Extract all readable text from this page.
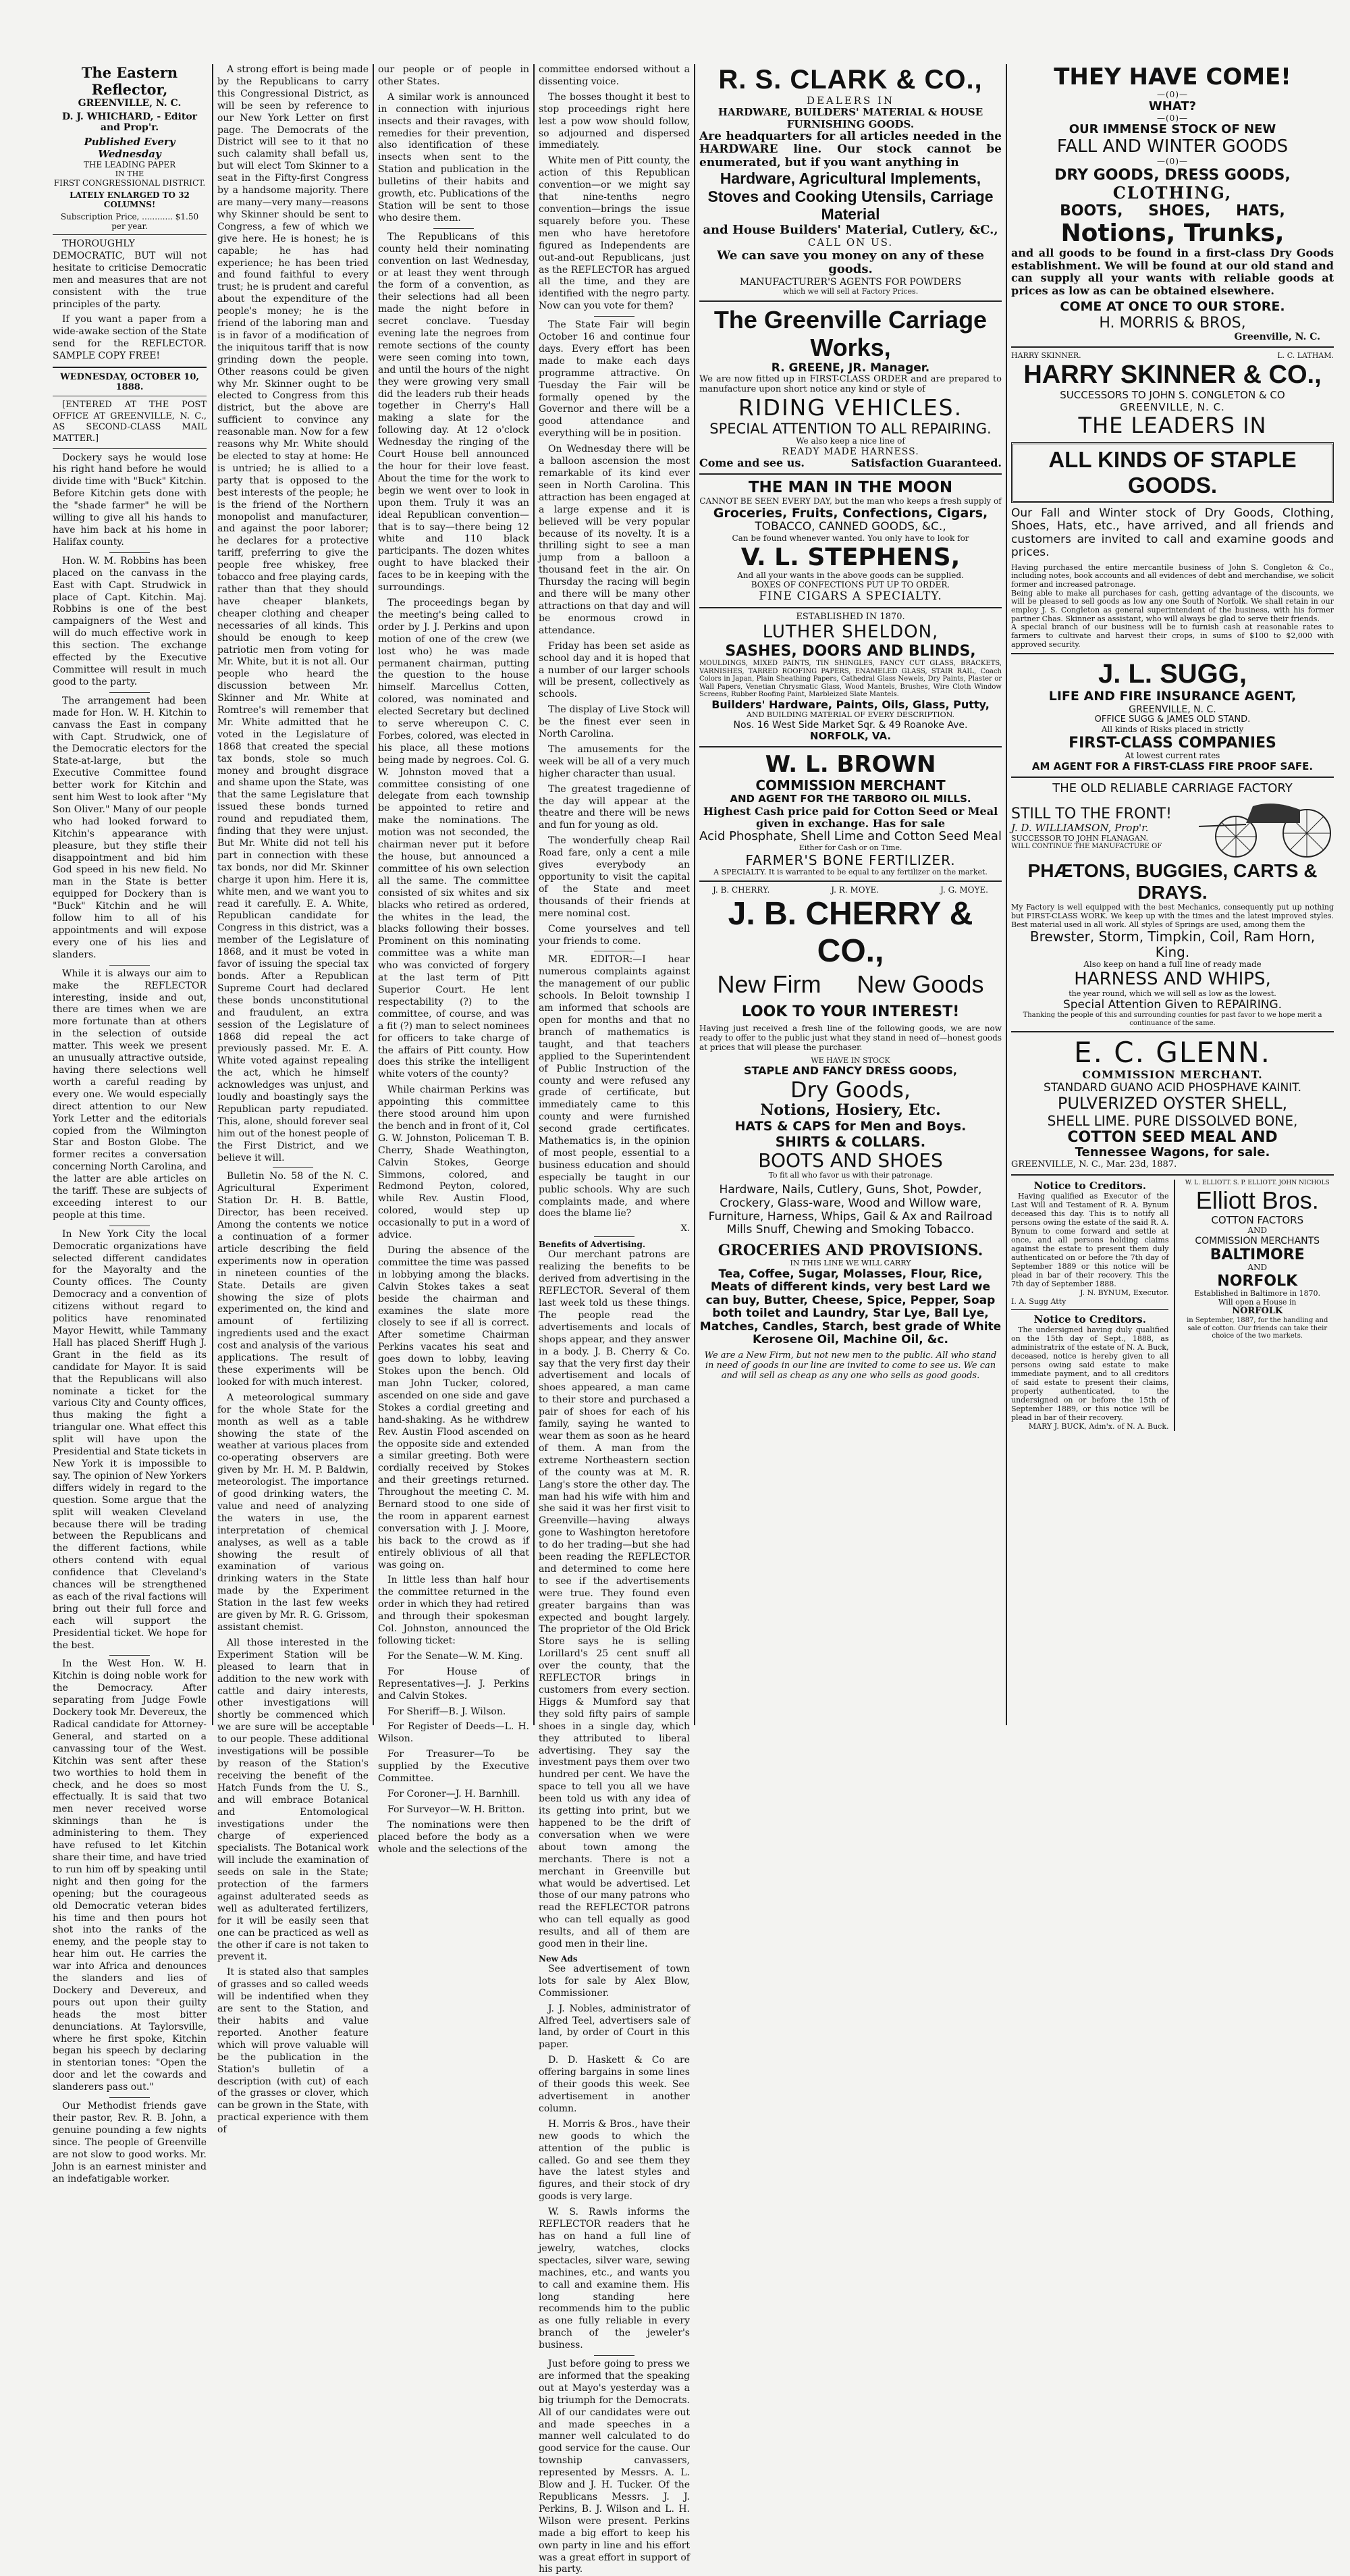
The Eastern Reflector,
GREENVILLE, N. C.
D. J. WHICHARD, - Editor and Prop'r.
Published Every Wednesday
THE LEADING PAPER
IN THE
FIRST CONGRESSIONAL DISTRICT.
LATELY ENLARGED TO 32 COLUMNS!
Subscription Price, ............ $1.50 per year.

THOROUGHLY DEMOCRATIC, BUT will not hesitate to criticise Democratic men and measures that are not consistent with the true principles of the party.

If you want a paper from a wide-awake section of the State send for the REFLECTOR. SAMPLE COPY FREE!

WEDNESDAY, OCTOBER 10, 1888.

[ENTERED AT THE POST OFFICE AT GREENVILLE, N. C., AS SECOND-CLASS MAIL MATTER.]

Dockery says he would lose his right hand before he would divide time with "Buck" Kitchin. Before Kitchin gets done with the "shade farmer" he will be willing to give all his hands to have him back at his home in Halifax county.

Hon. W. M. Robbins has been placed on the canvass in the East with Capt. Strudwick in place of Capt. Kitchin. Maj. Robbins is one of the best campaigners of the West and will do much effective work in this section. The exchange effected by the Executive Committee will result in much good to the party.

The arrangement had been made for Hon. W. H. Kitchin to canvass the East in company with Capt. Strudwick, one of the Democratic electors for the State-at-large, but the Executive Committee found better work for Kitchin and sent him West to look after "My Son Oliver." Many of our people who had looked forward to Kitchin's appearance with pleasure, but they stifle their disappointment and bid him God speed in his new field. No man in the State is better equipped for Dockery than is "Buck" Kitchin and he will follow him to all of his appointments and will expose every one of his lies and slanders.

While it is always our aim to make the REFLECTOR interesting, inside and out, there are times when we are more fortunate than at others in the selection of outside matter. This week we present an unusually attractive outside, having there selections well worth a careful reading by every one. We would especially direct attention to our New York Letter and the editorials copied from the Wilmington Star and Boston Globe. The former recites a conversation concerning North Carolina, and the latter are able articles on the tariff. These are subjects of exceeding interest to our people at this time.

In New York City the local Democratic organizations have selected different candidates for the Mayoralty and the County offices. The County Democracy and a convention of citizens without regard to politics have renominated Mayor Hewitt, while Tammany Hall has placed Sheriff Hugh J. Grant in the field as its candidate for Mayor. It is said that the Republicans will also nominate a ticket for the various City and County offices, thus making the fight a triangular one. What effect this split will have upon the Presidential and State tickets in New York it is impossible to say. The opinion of New Yorkers differs widely in regard to the question. Some argue that the split will weaken Cleveland because there will be trading between the Republicans and the different factions, while others contend with equal confidence that Cleveland's chances will be strengthened as each of the rival factions will bring out their full force and each will support the Presidential ticket. We hope for the best.

In the West Hon. W. H. Kitchin is doing noble work for the Democracy. After separating from Judge Fowle Dockery took Mr. Devereux, the Radical candidate for Attorney-General, and started on a canvassing tour of the West. Kitchin was sent after these two worthies to hold them in check, and he does so most effectually. It is said that two men never received worse skinnings than he is administering to them. They have refused to let Kitchin share their time, and have tried to run him off by speaking until night and then going for the opening; but the courageous old Democratic veteran bides his time and then pours hot shot into the ranks of the enemy, and the people stay to hear him out. He carries the war into Africa and denounces the slanders and lies of Dockery and Devereux, and pours out upon their guilty heads the most bitter denunciations. At Taylorsville, where he first spoke, Kitchin began his speech by declaring in stentorian tones: "Open the door and let the cowards and slanderers pass out."

Our Methodist friends gave their pastor, Rev. R. B. John, a genuine pounding a few nights since. The people of Greenville are not slow to good works. Mr. John is an earnest minister and an indefatigable worker.

A strong effort is being made by the Republicans to carry this Congressional District, as will be seen by reference to our New York Letter on first page. The Democrats of the District will see to it that no such calamity shall befall us, but will elect Tom Skinner to a seat in the Fifty-first Congress by a handsome majority. There are many—very many—reasons why Skinner should be sent to Congress, a few of which we give here. He is honest; he is capable; he has had experience; he has been tried and found faithful to every trust; he is prudent and careful about the expenditure of the people's money; he is the friend of the laboring man and is in favor of a modification of the iniquitous tariff that is now grinding down the people. Other reasons could be given why Mr. Skinner ought to be elected to Congress from this district, but the above are sufficient to convince any reasonable man. Now for a few reasons why Mr. White should be elected to stay at home: He is untried; he is allied to a party that is opposed to the best interests of the people; he is the friend of the Northern monopolist and manufacturer, and against the poor laborer; he declares for a protective tariff, preferring to give the people free whiskey, free tobacco and free playing cards, rather than that they should have cheaper blankets, cheaper clothing and cheaper necessaries of all kinds. This should be enough to keep patriotic men from voting for Mr. White, but it is not all. Our people who heard the discussion between Mr. Skinner and Mr. White at Romtree's will remember that Mr. White admitted that he voted in the Legislature of 1868 that created the special tax bonds, stole so much money and brought disgrace and shame upon the State, was that the same Legislature that issued these bonds turned round and repudiated them, finding that they were unjust. But Mr. White did not tell his part in connection with these tax bonds, nor did Mr. Skinner charge it upon him. Here it is, white men, and we want you to read it carefully. E. A. White, Republican candidate for Congress in this district, was a member of the Legislature of 1868, and it must be voted in favor of issuing the special tax bonds. After a Republican Supreme Court had declared these bonds unconstitutional and fraudulent, an extra session of the Legislature of 1868 did repeal the act previously passed. Mr. E. A. White voted against repealing the act, which he himself acknowledges was unjust, and loudly and boastingly says the Republican party repudiated. This, alone, should forever seal him out of the honest people of the First District, and we believe it will.

Bulletin No. 58 of the N. C. Agricultural Experiment Station Dr. H. B. Battle, Director, has been received. Among the contents we notice a continuation of a former article describing the field experiments now in operation in nineteen counties of the State. Details are given showing the size of plots experimented on, the kind and amount of fertilizing ingredients used and the exact cost and analysis of the various applications. The result of these experiments will be looked for with much interest.

A meteorological summary for the whole State for the month as well as a table showing the state of the weather at various places from co-operating observers are given by Mr. H. M. P. Baldwin, meteorologist. The importance of good drinking waters, the value and need of analyzing the waters in use, the interpretation of chemical analyses, as well as a table showing the result of examination of various drinking waters in the State made by the Experiment Station in the last few weeks are given by Mr. R. G. Grissom, assistant chemist.

All those interested in the Experiment Station will be pleased to learn that in addition to the new work with cattle and dairy interests, other investigations will shortly be commenced which we are sure will be acceptable to our people. These additional investigations will be possible by reason of the Station's receiving the benefit of the Hatch Funds from the U. S., and will embrace Botanical and Entomological investigations under the charge of experienced specialists. The Botanical work will include the examination of seeds on sale in the State; protection of the farmers against adulterated seeds as well as adulterated fertilizers, for it will be easily seen that one can be practiced as well as the other if care is not taken to prevent it.

It is stated also that samples of grasses and so called weeds will be indentified when they are sent to the Station, and their habits and value reported. Another feature which will prove valuable will be the publication in the Station's bulletin of a description (with cut) of each of the grasses or clover, which can be grown in the State, with practical experience with them of

our people or of people in other States.

A similar work is announced in connection with injurious insects and their ravages, with remedies for their prevention, also identification of these insects when sent to the Station and publication in the bulletins of their habits and growth, etc. Publications of the Station will be sent to those who desire them.

The Republicans of this county held their nominating convention on last Wednesday, or at least they went through the form of a convention, as their selections had all been made the night before in secret conclave. Tuesday evening late the negroes from remote sections of the county were seen coming into town, and until the hours of the night they were growing very small did the leaders rub their heads together in Cherry's Hall making a slate for the following day. At 12 o'clock Wednesday the ringing of the Court House bell announced the hour for their love feast. About the time for the work to begin we went over to look in upon them. Truly it was an ideal Republican convention—that is to say—there being 12 white and 110 black participants. The dozen whites ought to have blacked their faces to be in keeping with the surroundings.

The proceedings began by the meeting's being called to order by J. J. Perkins and upon motion of one of the crew (we lost who) he was made permanent chairman, putting the question to the house himself. Marcellus Cotten, colored, was nominated and elected Secretary but declined to serve whereupon C. C. Forbes, colored, was elected in his place, all these motions being made by negroes. Col. G. W. Johnston moved that a committee consisting of one delegate from each township be appointed to retire and make the nominations. The motion was not seconded, the chairman never put it before the house, but announced a committee of his own selection all the same. The committee consisted of six whites and six blacks who retired as ordered, the whites in the lead, the blacks following their bosses. Prominent on this nominating committee was a white man who was convicted of forgery at the last term of Pitt Superior Court. He lent respectability (?) to the committee, of course, and was a fit (?) man to select nominees for officers to take charge of the affairs of Pitt county. How does this strike the intelligent white voters of the county?

While chairman Perkins was appointing this committee there stood around him upon the bench and in front of it, Col G. W. Johnston, Policeman T. B. Cherry, Shade Weathington, Calvin Stokes, George Simmons, colored, and Redmond Peyton, colored, while Rev. Austin Flood, colored, would step up occasionally to put in a word of advice.

During the absence of the committee the time was passed in lobbying among the blacks. Calvin Stokes takes a seat beside the chairman and examines the slate more closely to see if all is correct. After sometime Chairman Perkins vacates his seat and goes down to lobby, leaving Stokes upon the bench. Old man John Tucker, colored, ascended on one side and gave Stokes a cordial greeting and hand-shaking. As he withdrew Rev. Austin Flood ascended on the opposite side and extended a similar greeting. Both were cordially received by Stokes and their greetings returned. Throughout the meeting C. M. Bernard stood to one side of the room in apparent earnest conversation with J. J. Moore, his back to the crowd as if entirely oblivious of all that was going on.

In little less than half hour the committee returned in the order in which they had retired and through their spokesman Col. Johnston, announced the following ticket:

For the Senate—W. M. King.

For House of Representatives—J. J. Perkins and Calvin Stokes.

For Sheriff—B. J. Wilson.

For Register of Deeds—L. H. Wilson.

For Treasurer—To be supplied by the Executive Committee.

For Coroner—J. H. Barnhill.

For Surveyor—W. H. Britton.

The nominations were then placed before the body as a whole and the selections of the

committee endorsed without a dissenting voice.

The bosses thought it best to stop proceedings right here lest a pow wow should follow, so adjourned and dispersed immediately.

White men of Pitt county, the action of this Republican convention—or we might say that nine-tenths negro convention—brings the issue squarely before you. These men who have heretofore figured as Independents are out-and-out Republicans, just as the REFLECTOR has argued all the time, and they are identified with the negro party. Now can you vote for them?

The State Fair will begin October 16 and continue four days. Every effort has been made to make each days programme attractive. On Tuesday the Fair will be formally opened by the Governor and there will be a good attendance and everything will be in position.

On Wednesday there will be a balloon ascension the most remarkable of its kind ever seen in North Carolina. This attraction has been engaged at a large expense and it is believed will be very popular because of its novelty. It is a thrilling sight to see a man jump from a balloon a thousand feet in the air. On Thursday the racing will begin and there will be many other attractions on that day and will be enormous crowd in attendance.

Friday has been set aside as school day and it is hoped that a number of our larger schools will be present, collectively as schools.

The display of Live Stock will be the finest ever seen in North Carolina.

The amusements for the week will be all of a very much higher character than usual.

The greatest tragedienne of the day will appear at the theatre and there will be news and fun for young as old.

The wonderfully cheap Rail Road fare, only a cent a mile gives everybody an opportunity to visit the capital of the State and meet thousands of their friends at mere nominal cost.

Come yourselves and tell your friends to come.

MR. EDITOR:—I hear numerous complaints against the management of our public schools. In Beloit township I am informed that schools are open for months and that no branch of mathematics is taught, and that teachers applied to the Superintendent of Public Instruction of the county and were refused any grade of certificate, but immediately came to this county and were furnished second grade certificates. Mathematics is, in the opinion of most people, essential to a business education and should especially be taught in our public schools. Why are such complaints made, and where does the blame lie?

X.
Benefits of Advertising.

Our merchant patrons are realizing the benefits to be derived from advertising in the REFLECTOR. Several of them last week told us these things. The people read the advertisements and locals of shops appear, and they answer in a body. J. B. Cherry & Co. say that the very first day their advertisement and locals of shoes appeared, a man came to their store and purchased a pair of shoes for each of his family, saying he wanted to wear them as soon as he heard of them. A man from the extreme Northeastern section of the county was at M. R. Lang's store the other day. The man had his wife with him and she said it was her first visit to Greenville—having always gone to Washington heretofore to do her trading—but she had been reading the REFLECTOR and determined to come here to see if the advertisements were true. They found even greater bargains than was expected and bought largely. The proprietor of the Old Brick Store says he is selling Lorillard's 25 cent snuff all over the county, that the REFLECTOR brings in customers from every section. Higgs & Mumford say that they sold fifty pairs of sample shoes in a single day, which they attributed to liberal advertising. They say the investment pays them over two hundred per cent. We have the space to tell you all we have been told us with any idea of its getting into print, but we happened to be the drift of conversation when we were about town among the merchants. There is not a merchant in Greenville but what would be advertised. Let those of our many patrons who read the REFLECTOR patrons who can tell equally as good results, and all of them are good men in their line.

New Ads

See advertisement of town lots for sale by Alex Blow, Commissioner.

J. J. Nobles, administrator of Alfred Teel, advertisers sale of land, by order of Court in this paper.

D. D. Haskett & Co are offering bargains in some lines of their goods this week. See advertisement in another column.

H. Morris & Bros., have their new goods to which the attention of the public is called. Go and see them they have the latest styles and figures, and their stock of dry goods is very large.

W. S. Rawls informs the REFLECTOR readers that he has on hand a full line of jewelry, watches, clocks spectacles, silver ware, sewing machines, etc., and wants you to call and examine them. His long standing here recommends him to the public as one fully reliable in every branch of the jeweler's business.

Just before going to press we are informed that the speaking out at Mayo's yesterday was a big triumph for the Democrats. All of our candidates were out and made speeches in a manner well calculated to do good service for the cause. Our township canvassers, represented by Messrs. A. L. Blow and J. H. Tucker. Of the Republicans Messrs. J. J. Perkins, B. J. Wilson and L. H. Wilson were present. Perkins made a big effort to keep his own party in line and his effort was a great effort in support of his party.

R. S. CLARK & CO.,
DEALERS IN
HARDWARE, BUILDERS' MATERIAL & HOUSE FURNISHING GOODS.
Are headquarters for all articles needed in the HARDWARE line. Our stock cannot be enumerated, but if you want anything in
Hardware, Agricultural Implements, Stoves and Cooking Utensils, Carriage Material
and House Builders' Material, Cutlery, &C.,
CALL ON US.
We can save you money on any of these goods.
MANUFACTURER'S AGENTS FOR POWDERS
which we will sell at Factory Prices.
The Greenville Carriage Works,
R. GREENE, JR. Manager.
We are now fitted up in FIRST-CLASS ORDER and are prepared to manufacture upon short notice any kind or style of
RIDING VEHICLES.
SPECIAL ATTENTION TO ALL REPAIRING.
We also keep a nice line of
READY MADE HARNESS.
Come and see us.	Satisfaction Guaranteed.
THE MAN IN THE MOON
CANNOT BE SEEN EVERY DAY, but the man who keeps a fresh supply of
Groceries, Fruits, Confections, Cigars,
TOBACCO, CANNED GOODS, &C.,
Can be found whenever wanted. You only have to look for
V. L. STEPHENS,
And all your wants in the above goods can be supplied.
BOXES OF CONFECTIONS PUT UP TO ORDER.
FINE CIGARS A SPECIALTY.
ESTABLISHED IN 1870.
LUTHER SHELDON,
SASHES, DOORS AND BLINDS,
MOULDINGS, MIXED PAINTS, TIN SHINGLES, FANCY CUT GLASS, BRACKETS, VARNISHES, TARRED ROOFING PAPERS, ENAMELED GLASS, STAIR RAIL, Coach Colors in Japan, Plain Sheathing Papers, Cathedral Glass Newels, Dry Paints, Plaster or Wall Papers, Venetian Chrysmatic Glass, Wood Mantels, Brushes, Wire Cloth Window Screens, Rubber Roofing Paint, Marbleized Slate Mantels.
Builders' Hardware, Paints, Oils, Glass, Putty,
AND BUILDING MATERIAL OF EVERY DESCRIPTION.
Nos. 16 West Side Market Sqr. & 49 Roanoke Ave.
NORFOLK, VA.
W. L. BROWN
COMMISSION MERCHANT
AND AGENT FOR THE TARBORO OIL MILLS.
Highest Cash price paid for Cotton Seed or Meal given in exchange. Has for sale
Acid Phosphate, Shell Lime and Cotton Seed Meal
Either for Cash or on Time.
FARMER'S BONE FERTILIZER.
A SPECIALTY. It is warranted to be equal to any fertilizer on the market.
J. B. CHERRY.	J. R. MOYE.	J. G. MOYE.
J. B. CHERRY & CO.,
New Firm New Goods
LOOK TO YOUR INTEREST!
Having just received a fresh line of the following goods, we are now ready to offer to the public just what they stand in need of—honest goods at prices that will please the purchaser.
WE HAVE IN STOCK
STAPLE AND FANCY DRESS GOODS,
Dry Goods,
Notions, Hosiery, Etc.
HATS & CAPS for Men and Boys.
SHIRTS & COLLARS.
BOOTS AND SHOES
To fit all who favor us with their patronage.
Hardware, Nails, Cutlery, Guns, Shot, Powder, Crockery, Glass-ware, Wood and Willow ware, Furniture, Harness, Whips, Gail & Ax and Railroad Mills Snuff, Chewing and Smoking Tobacco.
GROCERIES AND PROVISIONS.
IN THIS LINE WE WILL CARRY
Tea, Coffee, Sugar, Molasses, Flour, Rice, Meats of different kinds, very best Lard we can buy, Butter, Cheese, Spice, Pepper, Soap both toilet and Laundry, Star Lye, Ball Lye, Matches, Candles, Starch, best grade of White Kerosene Oil, Machine Oil, &c.
We are a New Firm, but not new men to the public. All who stand in need of goods in our line are invited to come to see us. We can and will sell as cheap as any one who sells as good goods.
THEY HAVE COME!
—(0)—
WHAT?
—(0)—
OUR IMMENSE STOCK OF NEW
FALL AND WINTER GOODS
—(0)—
DRY GOODS, DRESS GOODS,
CLOTHING,
BOOTS, SHOES, HATS,
Notions, Trunks,
and all goods to be found in a first-class Dry Goods establishment. We will be found at our old stand and can supply all your wants with reliable goods at prices as low as can be obtained elsewhere.
COME AT ONCE TO OUR STORE.
H. MORRIS & BROS,
Greenville, N. C.
HARRY SKINNER.	L. C. LATHAM.
HARRY SKINNER & CO.,
SUCCESSORS TO JOHN S. CONGLETON & CO
GREENVILLE, N. C.
THE LEADERS IN
ALL KINDS OF STAPLE GOODS.
Our Fall and Winter stock of Dry Goods, Clothing, Shoes, Hats, etc., have arrived, and all friends and customers are invited to call and examine goods and prices.
Having purchased the entire mercantile business of John S. Congleton & Co., including notes, book accounts and all evidences of debt and merchandise, we solicit former and increased patronage.
Being able to make all purchases for cash, getting advantage of the discounts, we will be pleased to sell goods as low any one South of Norfolk. We shall retain in our employ J. S. Congleton as general superintendent of the business, with his former partner Chas. Skinner as assistant, who will always be glad to serve their friends.
A special branch of our business will be to furnish cash at reasonable rates to farmers to cultivate and harvest their crops, in sums of $100 to $2,000 with approved security.
J. L. SUGG,
LIFE AND FIRE INSURANCE AGENT,
GREENVILLE, N. C.
OFFICE SUGG & JAMES OLD STAND.
All kinds of Risks placed in strictly
FIRST-CLASS COMPANIES
At lowest current rates
AM AGENT FOR A FIRST-CLASS FIRE PROOF SAFE.
THE OLD RELIABLE CARRIAGE FACTORY
STILL TO THE FRONT!
J. D. WILLIAMSON, Prop'r.
SUCCESSOR TO JOHN FLANAGAN.
WILL CONTINUE THE MANUFACTURE OF
PHÆTONS, BUGGIES, CARTS & DRAYS.
My Factory is well equipped with the best Mechanics, consequently put up nothing but FIRST-CLASS WORK. We keep up with the times and the latest improved styles. Best material used in all work. All styles of Springs are used, among them the
Brewster, Storm, Timpkin, Coil, Ram Horn, King.
Also keep on hand a full line of ready made
HARNESS AND WHIPS,
the year round, which we will sell as low as the lowest.
Special Attention Given to REPAIRING.
Thanking the people of this and surrounding counties for past favor to we hope merit a continuance of the same.
E. C. GLENN.
COMMISSION MERCHANT.
STANDARD GUANO ACID PHOSPHAVE KAINIT.
PULVERIZED OYSTER SHELL,
SHELL LIME. PURE DISSOLVED BONE,
COTTON SEED MEAL AND
Tennessee Wagons, for sale.
GREENVILLE, N. C., Mar. 23d, 1887.
Notice to Creditors.
Having qualified as Executor of the Last Will and Testament of R. A. Bynum deceased this day. This is to notify all persons owing the estate of the said R. A. Bynum to come forward and settle at once, and all persons holding claims against the estate to present them duly authenticated on or before the 7th day of September 1889 or this notice will be plead in bar of their recovery. This the 7th day of September 1888.
J. N. BYNUM, Executor.
I. A. Sugg Atty
Notice to Creditors.
The undersigned having duly qualified on the 15th day of Sept., 1888, as administratrix of the estate of N. A. Buck, deceased, notice is hereby given to all persons owing said estate to make immediate payment, and to all creditors of said estate to present their claims, properly authenticated, to the undersigned on or before the 15th of September 1889, or this notice will be plead in bar of their recovery.
MARY J. BUCK, Adm'x. of N. A. Buck.
W. L. ELLIOTT. S. P. ELLIOTT. JOHN NICHOLS
Elliott Bros.
COTTON FACTORS
AND
COMMISSION MERCHANTS
BALTIMORE
AND
NORFOLK
Established in Baltimore in 1870.
Will open a House in
NORFOLK
in September, 1887, for the handling and sale of cotton. Our friends can take their choice of the two markets.
